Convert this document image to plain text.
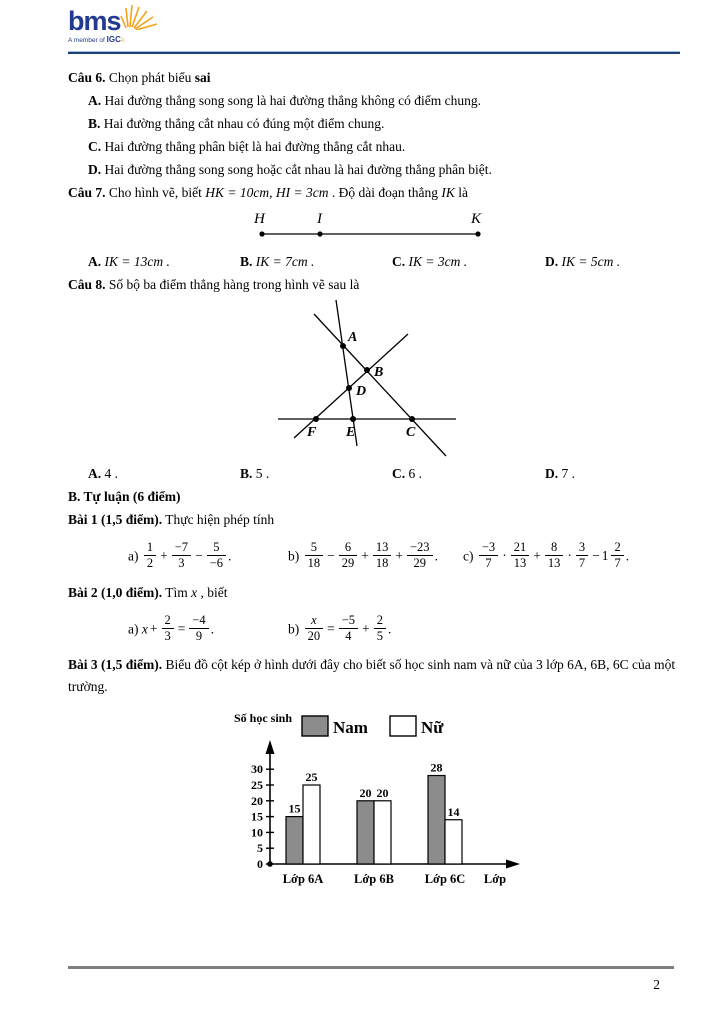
bms
A member of IGC≡
Câu 6. Chọn phát biểu sai
A. Hai đường thẳng song song là hai đường thẳng không có điểm chung.
B. Hai đường thẳng cắt nhau có đúng một điểm chung.
C. Hai đường thẳng phân biệt là hai đường thẳng cắt nhau.
D. Hai đường thẳng song song hoặc cắt nhau là hai đường thẳng phân biệt.
Câu 7. Cho hình vẽ, biết HK = 10cm, HI = 3cm . Độ dài đoạn thẳng IK là
H	I	K
A. IK = 13cm .	B. IK = 7cm .	C. IK = 3cm .	D. IK = 5cm .
Câu 8. Số bộ ba điểm thẳng hàng trong hình vẽ sau là
A
B
D
F E	C
A. 4 .	B. 5 .	C. 6 .	D. 7 .
B. Tự luận (6 điểm)
Bài 1 (1,5 điểm). Thực hiện phép tính
$a) \frac{1}{2} + \frac{-7}{3} - \frac{5}{-6}$ .	$b) \frac{5}{18} - \frac{6}{29} + \frac{13}{18} + \frac{-23}{29}$ .	$c) \frac{-3}{7} \cdot \frac{21}{13} + \frac{8}{13} \cdot \frac{3}{7} - 1 \frac{2}{7}$ .
Bài 2 (1,0 điểm). Tìm x , biết
a) $x + \frac{2}{3} = \frac{-4}{9}$ .	$b) \frac{x}{20} = \frac{-5}{4} + \frac{2}{5}$ .
Bài 3 (1,5 điểm). Biểu đồ cột kép ở hình dưới đây cho biết số học sinh nam và nữ của 3 lớp 6A, 6B, 6C của một trường.
0
5
10
15
20
25
30
15
25
Lớp 6A
20 20
Lớp 6B
28
14
Lớp 6C Lớp
Số học sinh Nam	Nữ
2
